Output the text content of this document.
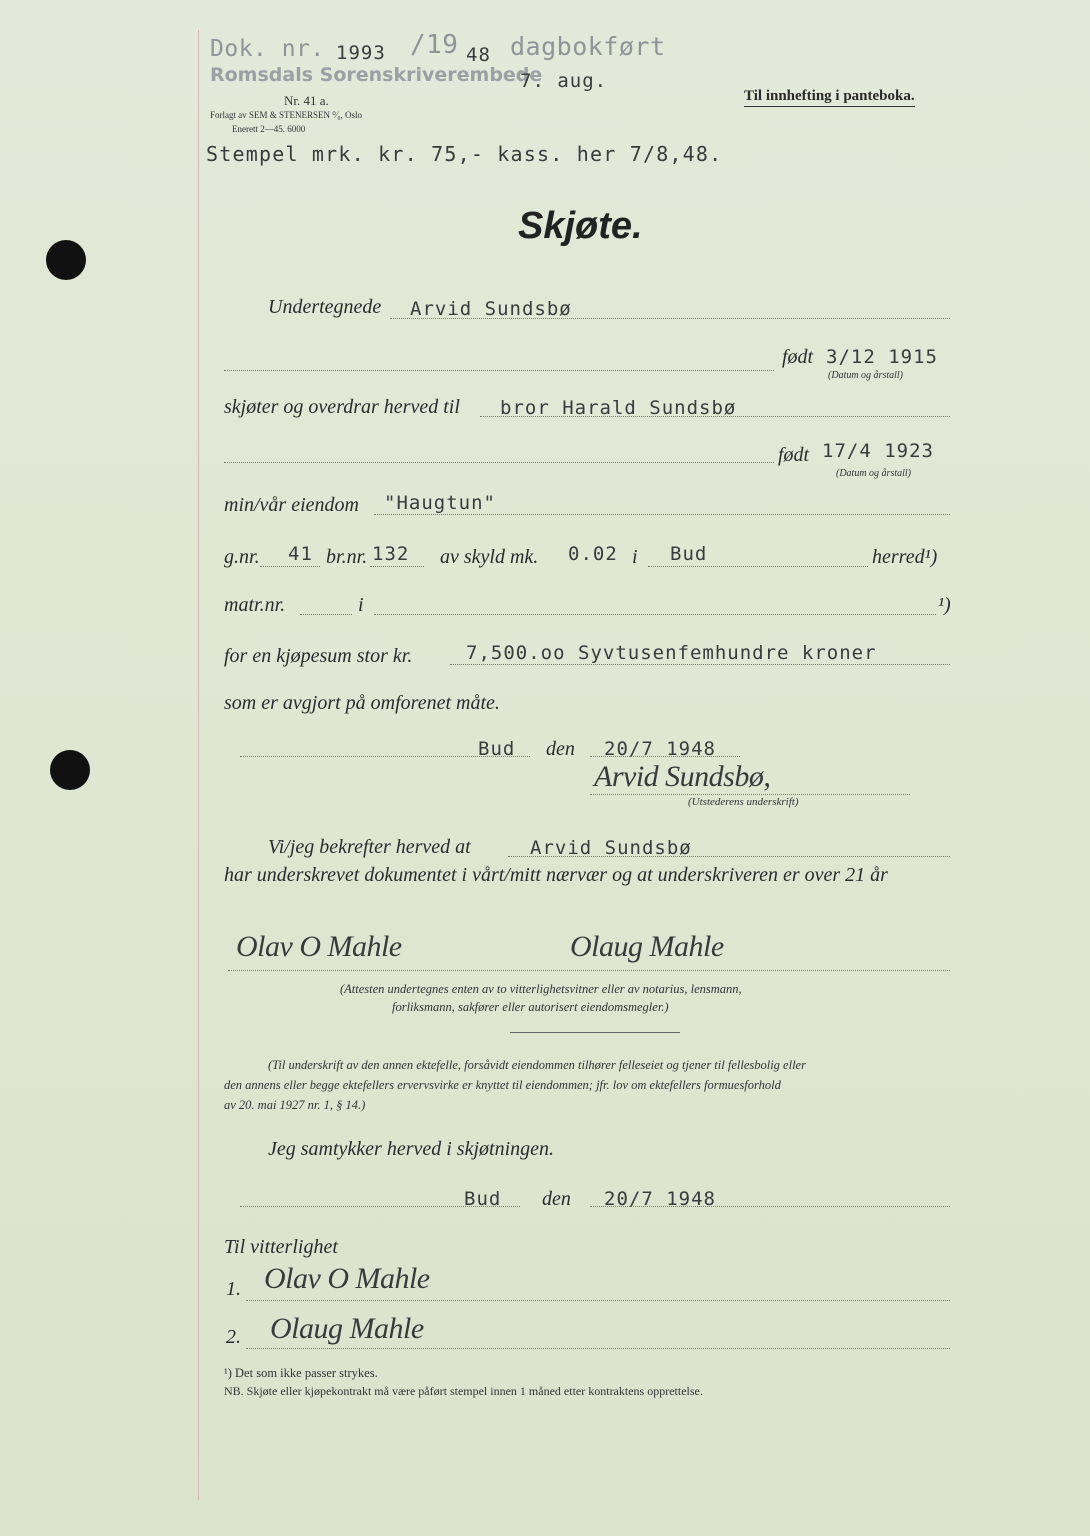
Dok. nr. 1993 /19 48 dagbokført
Romsdals Sorenskriverembede
7. aug.
Nr. 41 a.
Forlagt av SEM & STENERSEN ⁰⁄₀, Oslo
Enerett 2—45. 6000
Til innhefting i panteboka.
Stempel mrk. kr. 75,- kass. her 7/8,48.
Skjøte.
Undertegnede Arvid Sundsbø
født 3/12 1915
(Datum og årstall)
skjøter og overdrar herved til bror Harald Sundsbø
født 17/4 1923
(Datum og årstall)
min/vår eiendom "Haugtun"
g.nr. 41 br.nr. 132 av skyld mk. 0.02 i Bud	herred¹)
matr.nr.	i	¹)
for en kjøpesum stor kr.	7,500.oo Syvtusenfemhundre kroner
som er avgjort på omforenet måte.
Bud den 20/7 1948
Arvid Sundsbø,
(Utstederens underskrift)
Vi/jeg bekrefter herved at	Arvid Sundsbø
har underskrevet dokumentet i vårt/mitt nærvær og at underskriveren er over 21 år
Olav O Mahle	Olaug Mahle
(Attesten undertegnes enten av to vitterlighetsvitner eller av notarius, lensmann,
forliksmann, sakfører eller autorisert eiendomsmegler.)
(Til underskrift av den annen ektefelle, forsåvidt eiendommen tilhører felleseiet og tjener til fellesbolig eller
den annens eller begge ektefellers ervervsvirke er knyttet til eiendommen; jfr. lov om ektefellers formuesforhold
av 20. mai 1927 nr. 1, § 14.)
Jeg samtykker herved i skjøtningen.
Bud den 20/7 1948
Til vitterlighet
1. Olav O Mahle
2. Olaug Mahle
¹) Det som ikke passer strykes.
NB. Skjøte eller kjøpekontrakt må være påført stempel innen 1 måned etter kontraktens opprettelse.
